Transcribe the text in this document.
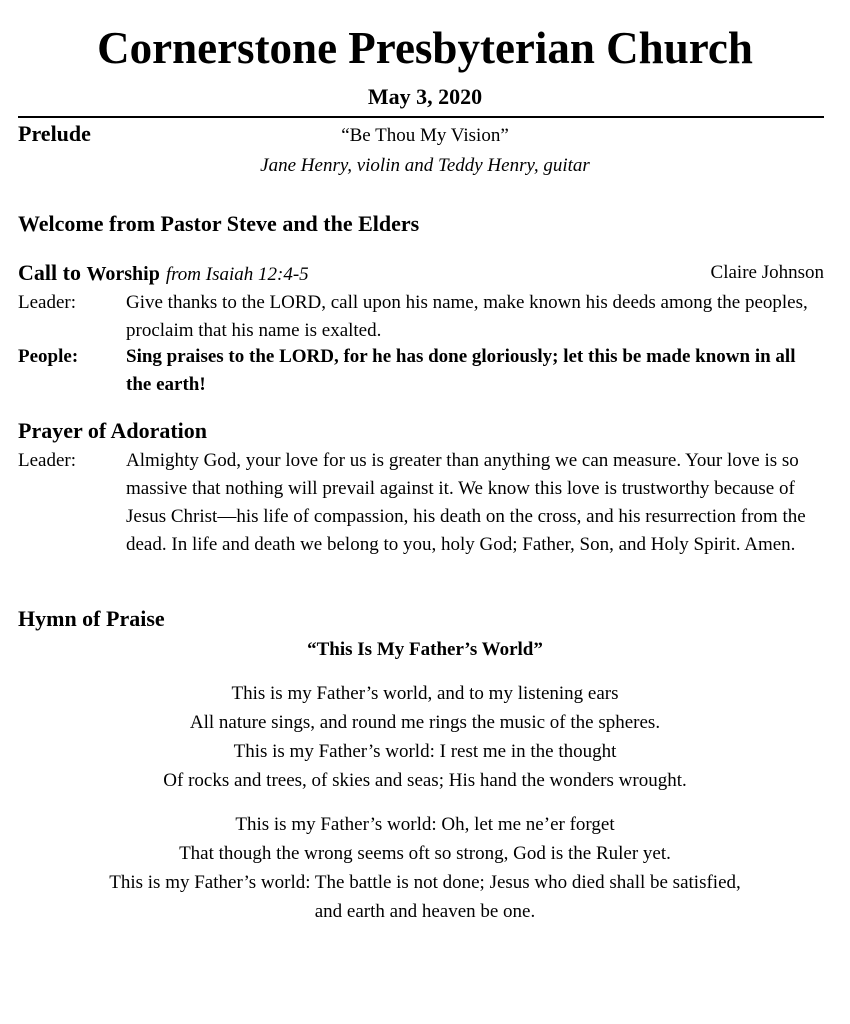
Cornerstone Presbyterian Church
May 3, 2020
Prelude	“Be Thou My Vision”
Jane Henry, violin and Teddy Henry, guitar
Welcome from Pastor Steve and the Elders
Call to Worship from Isaiah 12:4-5	Claire Johnson
Leader:	Give thanks to the LORD, call upon his name, make known his deeds among the peoples, proclaim that his name is exalted.
People:	Sing praises to the LORD, for he has done gloriously; let this be made known in all the earth!
Prayer of Adoration
Leader:	Almighty God, your love for us is greater than anything we can measure. Your love is so massive that nothing will prevail against it. We know this love is trustworthy because of Jesus Christ—his life of compassion, his death on the cross, and his resurrection from the dead. In life and death we belong to you, holy God; Father, Son, and Holy Spirit. Amen.
Hymn of Praise
“This Is My Father’s World”
This is my Father’s world, and to my listening ears
All nature sings, and round me rings the music of the spheres.
This is my Father’s world: I rest me in the thought
Of rocks and trees, of skies and seas; His hand the wonders wrought.
This is my Father’s world: Oh, let me ne’er forget
That though the wrong seems oft so strong, God is the Ruler yet.
This is my Father’s world: The battle is not done; Jesus who died shall be satisfied,
and earth and heaven be one.
